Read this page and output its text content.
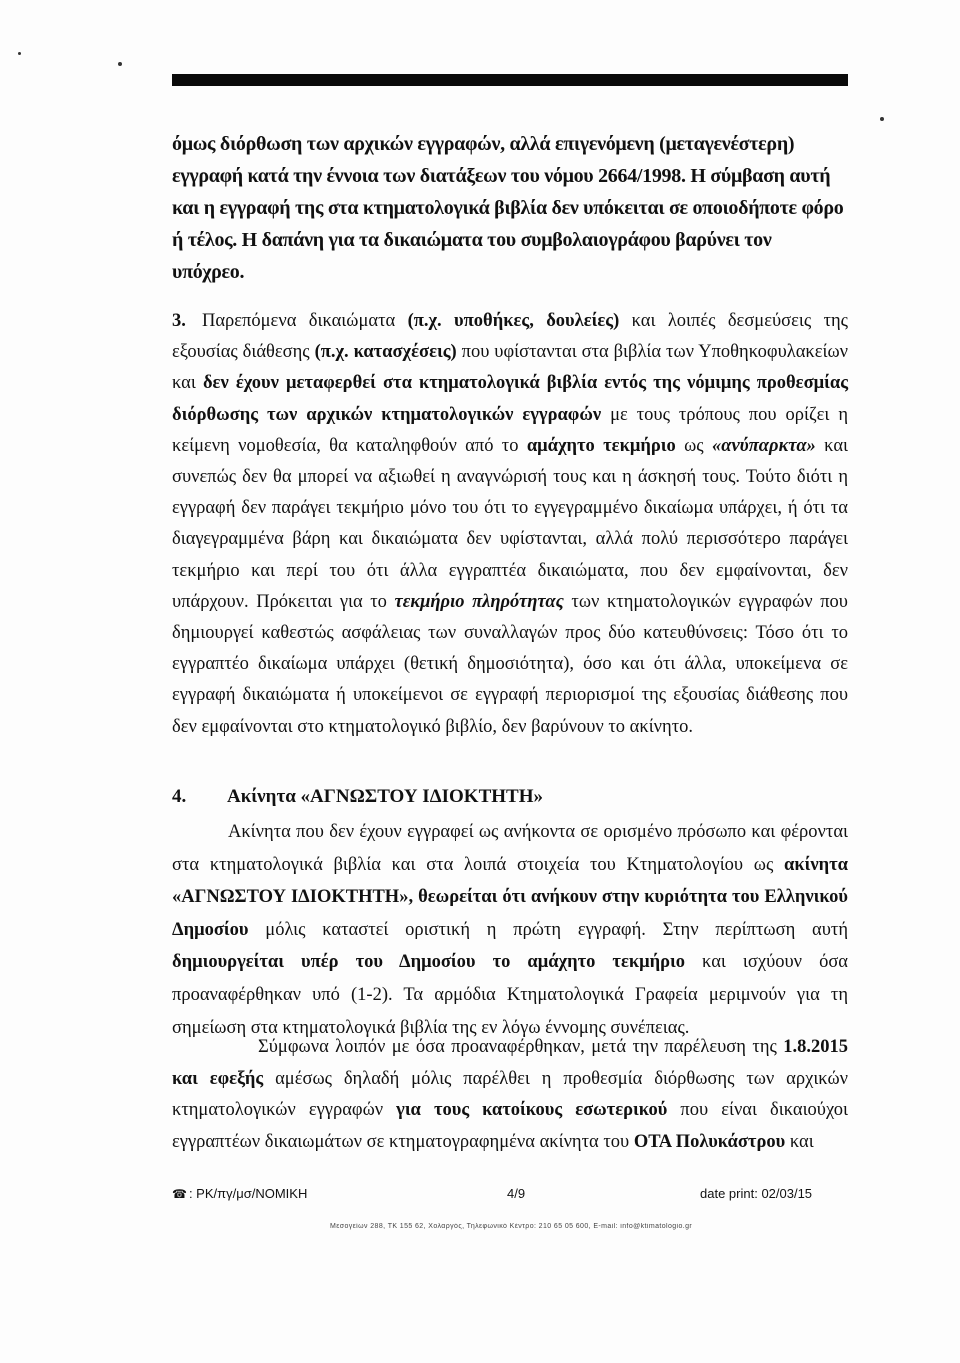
όμως διόρθωση των αρχικών εγγραφών, αλλά επιγενόμενη (μεταγενέστερη) εγγραφή κατά την έννοια των διατάξεων του νόμου 2664/1998. Η σύμβαση αυτή και η εγγραφή της στα κτηματολογικά βιβλία δεν υπόκειται σε οποιοδήποτε φόρο ή τέλος. Η δαπάνη για τα δικαιώματα του συμβολαιογράφου βαρύνει τον υπόχρεο.
3. Παρεπόμενα δικαιώματα (π.χ. υποθήκες, δουλείες) και λοιπές δεσμεύσεις της εξουσίας διάθεσης (π.χ. κατασχέσεις) που υφίστανται στα βιβλία των Υποθηκοφυλακείων και δεν έχουν μεταφερθεί στα κτηματολογικά βιβλία εντός της νόμιμης προθεσμίας διόρθωσης των αρχικών κτηματολογικών εγγραφών με τους τρόπους που ορίζει η κείμενη νομοθεσία, θα καταληφθούν από το αμάχητο τεκμήριο ως «ανύπαρκτα» και συνεπώς δεν θα μπορεί να αξιωθεί η αναγνώρισή τους και η άσκησή τους. Τούτο διότι η εγγραφή δεν παράγει τεκμήριο μόνο του ότι το εγγεγραμμένο δικαίωμα υπάρχει, ή ότι τα διαγεγραμμένα βάρη και δικαιώματα δεν υφίστανται, αλλά πολύ περισσότερο παράγει τεκμήριο και περί του ότι άλλα εγγραπτέα δικαιώματα, που δεν εμφαίνονται, δεν υπάρχουν. Πρόκειται για το τεκμήριο πληρότητας των κτηματολογικών εγγραφών που δημιουργεί καθεστώς ασφάλειας των συναλλαγών προς δύο κατευθύνσεις: Τόσο ότι το εγγραπτέο δικαίωμα υπάρχει (θετική δημοσιότητα), όσο και ότι άλλα, υποκείμενα σε εγγραφή δικαιώματα ή υποκείμενοι σε εγγραφή περιορισμοί της εξουσίας διάθεσης που δεν εμφαίνονται στο κτηματολογικό βιβλίο, δεν βαρύνουν το ακίνητο.
4. Ακίνητα «ΑΓΝΩΣΤΟΥ ΙΔΙΟΚΤΗΤΗ»
Ακίνητα που δεν έχουν εγγραφεί ως ανήκοντα σε ορισμένο πρόσωπο και φέρονται στα κτηματολογικά βιβλία και στα λοιπά στοιχεία του Κτηματολογίου ως ακίνητα «ΑΓΝΩΣΤΟΥ ΙΔΙΟΚΤΗΤΗ», θεωρείται ότι ανήκουν στην κυριότητα του Ελληνικού Δημοσίου μόλις καταστεί οριστική η πρώτη εγγραφή. Στην περίπτωση αυτή δημιουργείται υπέρ του Δημοσίου το αμάχητο τεκμήριο και ισχύουν όσα προαναφέρθηκαν υπό (1-2). Τα αρμόδια Κτηματολογικά Γραφεία μεριμνούν για τη σημείωση στα κτηματολογικά βιβλία της εν λόγω έννομης συνέπειας.
Σύμφωνα λοιπόν με όσα προαναφέρθηκαν, μετά την παρέλευση της 1.8.2015 και εφεξής αμέσως δηλαδή μόλις παρέλθει η προθεσμία διόρθωσης των αρχικών κτηματολογικών εγγραφών για τους κατοίκους εσωτερικού που είναι δικαιούχοι εγγραπτέων δικαιωμάτων σε κτηματογραφημένα ακίνητα του ΟΤΑ Πολυκάστρου και
☎ : PK/πγ/μσ/NOMIKH	4/9	date print: 02/03/15
Μεσογείων 288, ΤΚ 155 62, Χολαργός, Τηλεφωνικό Κέντρο: 210 65 05 600, E-mail: info@ktimatologio.gr
